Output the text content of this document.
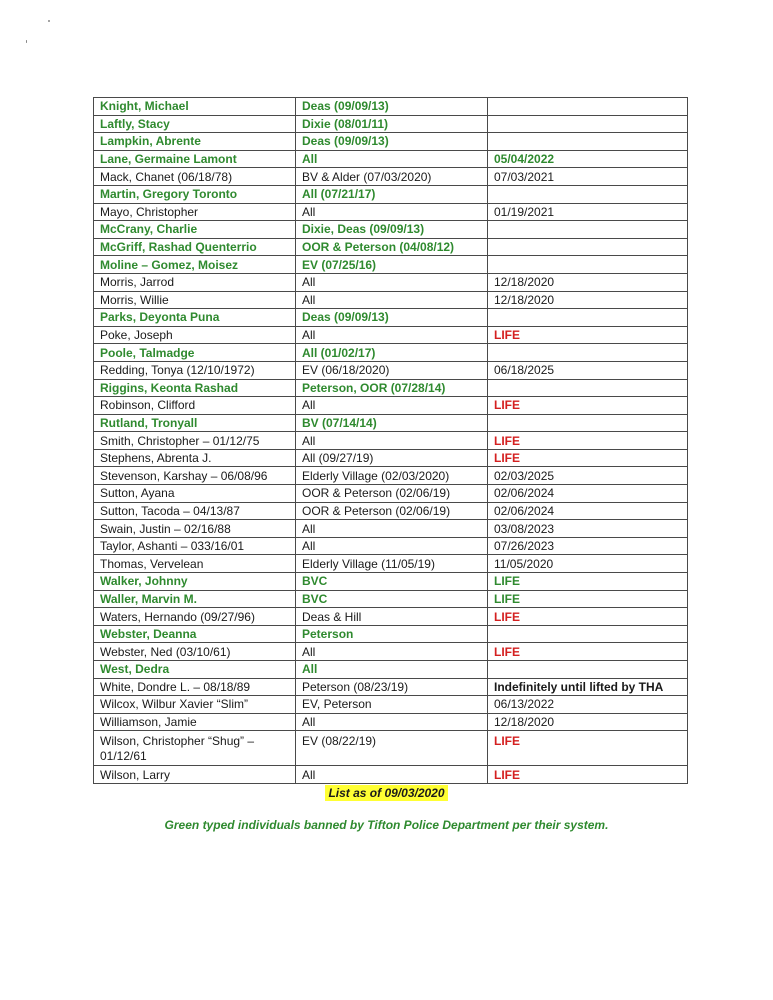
Knight, Michael	Deas (09/09/13)	
Laftly, Stacy	Dixie (08/01/11)	
Lampkin, Abrente	Deas (09/09/13)	
Lane, Germaine Lamont	All	05/04/2022
Mack, Chanet (06/18/78)	BV & Alder (07/03/2020)	07/03/2021
Martin, Gregory Toronto	All (07/21/17)	
Mayo, Christopher	All	01/19/2021
McCrany, Charlie	Dixie, Deas (09/09/13)	
McGriff, Rashad Quenterrio	OOR & Peterson (04/08/12)	
Moline – Gomez, Moisez	EV (07/25/16)	
Morris, Jarrod	All	12/18/2020
Morris, Willie	All	12/18/2020
Parks, Deyonta Puna	Deas (09/09/13)	
Poke, Joseph	All	LIFE
Poole, Talmadge	All (01/02/17)	
Redding, Tonya (12/10/1972)	EV (06/18/2020)	06/18/2025
Riggins, Keonta Rashad	Peterson, OOR (07/28/14)	
Robinson, Clifford	All	LIFE
Rutland, Tronyall	BV (07/14/14)	
Smith, Christopher – 01/12/75	All	LIFE
Stephens, Abrenta J.	All (09/27/19)	LIFE
Stevenson, Karshay – 06/08/96	Elderly Village (02/03/2020)	02/03/2025
Sutton, Ayana	OOR & Peterson (02/06/19)	02/06/2024
Sutton, Tacoda – 04/13/87	OOR & Peterson (02/06/19)	02/06/2024
Swain, Justin – 02/16/88	All	03/08/2023
Taylor, Ashanti – 033/16/01	All	07/26/2023
Thomas, Vervelean	Elderly Village (11/05/19)	11/05/2020
Walker, Johnny	BVC	LIFE
Waller, Marvin M.	BVC	LIFE
Waters, Hernando (09/27/96)	Deas & Hill	LIFE
Webster, Deanna	Peterson	
Webster, Ned (03/10/61)	All	LIFE
West, Dedra	All	
White, Dondre L. – 08/18/89	Peterson (08/23/19)	Indefinitely until lifted by THA
Wilcox, Wilbur Xavier “Slim”	EV, Peterson	06/13/2022
Williamson, Jamie	All	12/18/2020
Wilson, Christopher “Shug” – 01/12/61	EV (08/22/19)	LIFE
Wilson, Larry	All	LIFE
List as of 09/03/2020
Green typed individuals banned by Tifton Police Department per their system.
